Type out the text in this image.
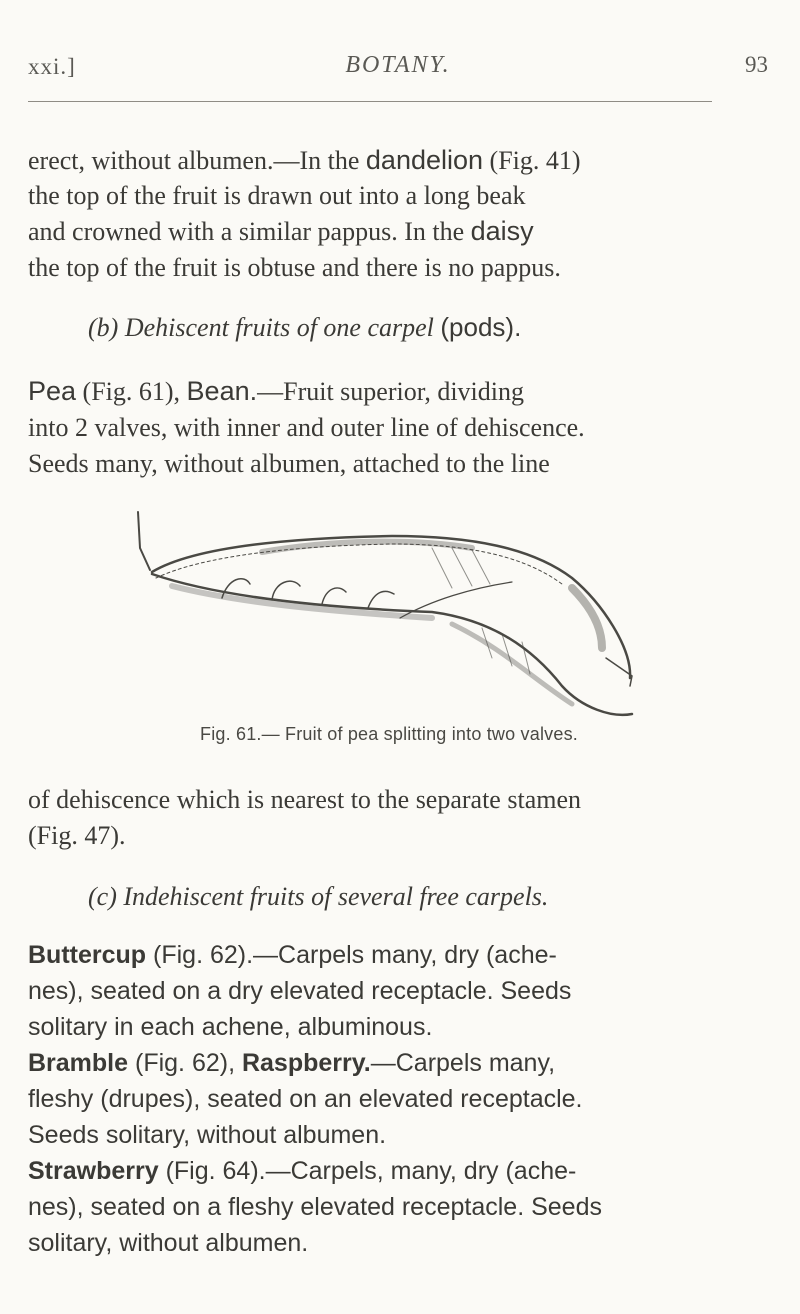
xxi.]	BOTANY.	93

erect, without albumen.—In the dandelion (Fig. 41)

the top of the fruit is drawn out into a long beak

and crowned with a similar pappus. In the daisy

the top of the fruit is obtuse and there is no pappus.

(b) Dehiscent fruits of one carpel (pods).

Pea (Fig. 61), Bean.—Fruit superior, dividing

into 2 valves, with inner and outer line of dehiscence.

Seeds many, without albumen, attached to the line

Fig. 61.— Fruit of pea splitting into two valves.

of dehiscence which is nearest to the separate stamen

(Fig. 47).

(c) Indehiscent fruits of several free carpels.

Buttercup (Fig. 62).—Carpels many, dry (ache-

nes), seated on a dry elevated receptacle. Seeds

solitary in each achene, albuminous.

Bramble (Fig. 62), Raspberry.—Carpels many,

fleshy (drupes), seated on an elevated receptacle.

Seeds solitary, without albumen.

Strawberry (Fig. 64).—Carpels, many, dry (ache-

nes), seated on a fleshy elevated receptacle. Seeds

solitary, without albumen.
